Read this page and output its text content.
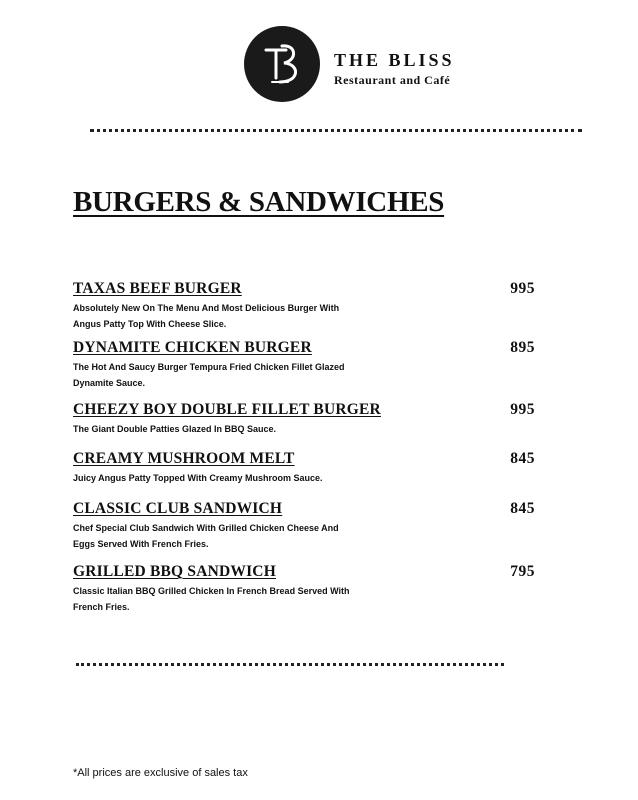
THE BLISS
Restaurant and Café
BURGERS & SANDWICHES
TAXAS BEEF BURGER	995
Absolutely New On The Menu And Most Delicious Burger With Angus Patty Top With Cheese Slice.
DYNAMITE CHICKEN BURGER	895
The Hot And Saucy Burger Tempura Fried Chicken Fillet Glazed Dynamite Sauce.
CHEEZY BOY DOUBLE FILLET BURGER	995
The Giant Double Patties Glazed In BBQ Sauce.
CREAMY MUSHROOM MELT	845
Juicy Angus Patty Topped With Creamy Mushroom Sauce.
CLASSIC CLUB SANDWICH	845
Chef Special Club Sandwich With Grilled Chicken Cheese And Eggs Served With French Fries.
GRILLED BBQ SANDWICH	795
Classic Italian BBQ Grilled Chicken In French Bread Served With French Fries.
*All prices are exclusive of sales tax
